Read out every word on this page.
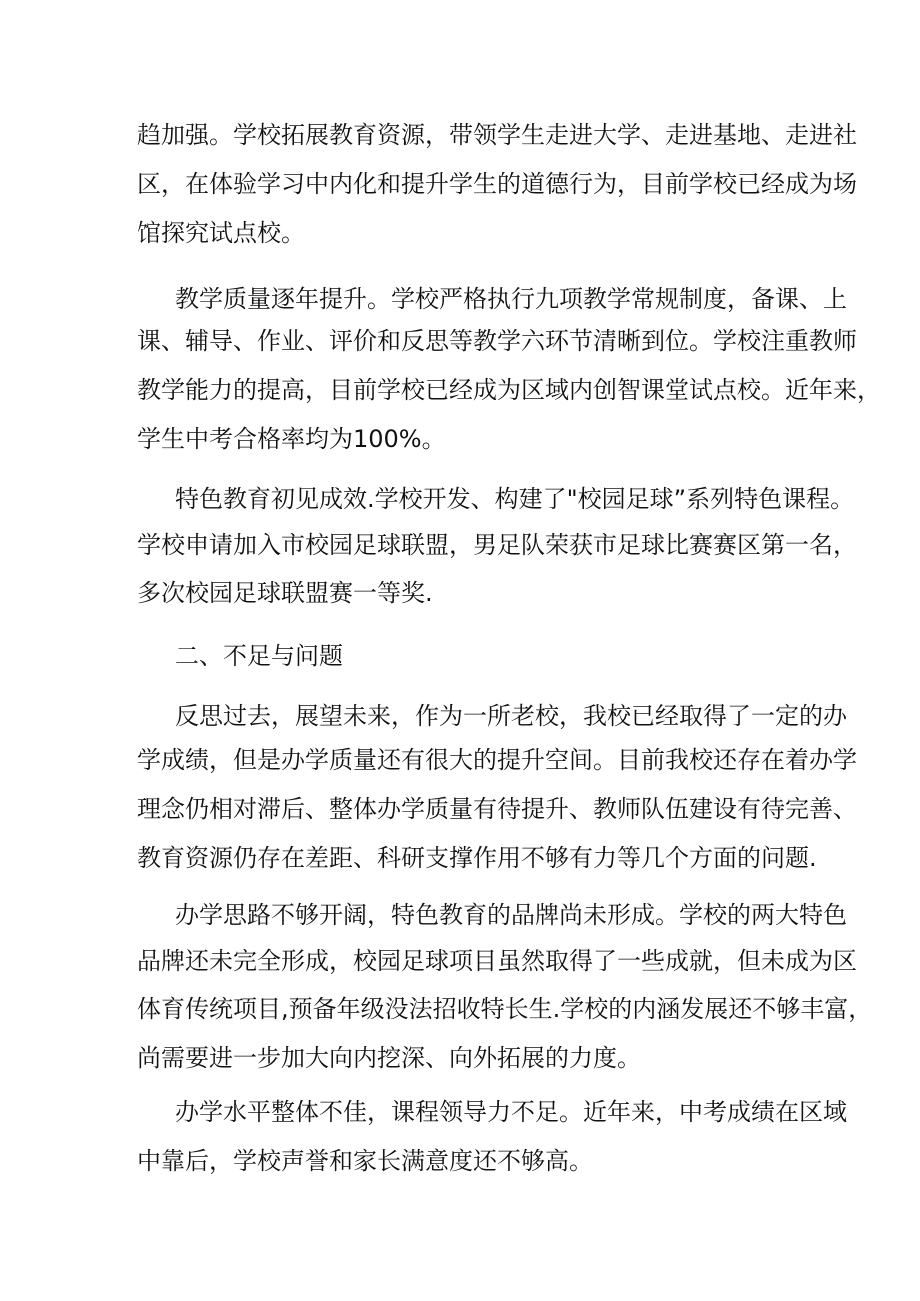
趋加强。学校拓展教育资源，带领学生走进大学、走进基地、走进社
区，在体验学习中内化和提升学生的道德行为，目前学校已经成为场
馆探究试点校。
教学质量逐年提升。学校严格执行九项教学常规制度，备课、上
课、辅导、作业、评价和反思等教学六环节清晰到位。学校注重教师
教学能力的提高，目前学校已经成为区域内创智课堂试点校。近年来，
学生中考合格率均为100%。
特色教育初见成效.学校开发、构建了"校园足球”系列特色课程。
学校申请加入市校园足球联盟，男足队荣获市足球比赛赛区第一名，
多次校园足球联盟赛一等奖.
二、不足与问题
反思过去，展望未来，作为一所老校，我校已经取得了一定的办
学成绩，但是办学质量还有很大的提升空间。目前我校还存在着办学
理念仍相对滞后、整体办学质量有待提升、教师队伍建设有待完善、
教育资源仍存在差距、科研支撑作用不够有力等几个方面的问题.
办学思路不够开阔，特色教育的品牌尚未形成。学校的两大特色
品牌还未完全形成，校园足球项目虽然取得了一些成就，但未成为区
体育传统项目,预备年级没法招收特长生.学校的内涵发展还不够丰富，
尚需要进一步加大向内挖深、向外拓展的力度。
办学水平整体不佳，课程领导力不足。近年来，中考成绩在区域
中靠后，学校声誉和家长满意度还不够高。
